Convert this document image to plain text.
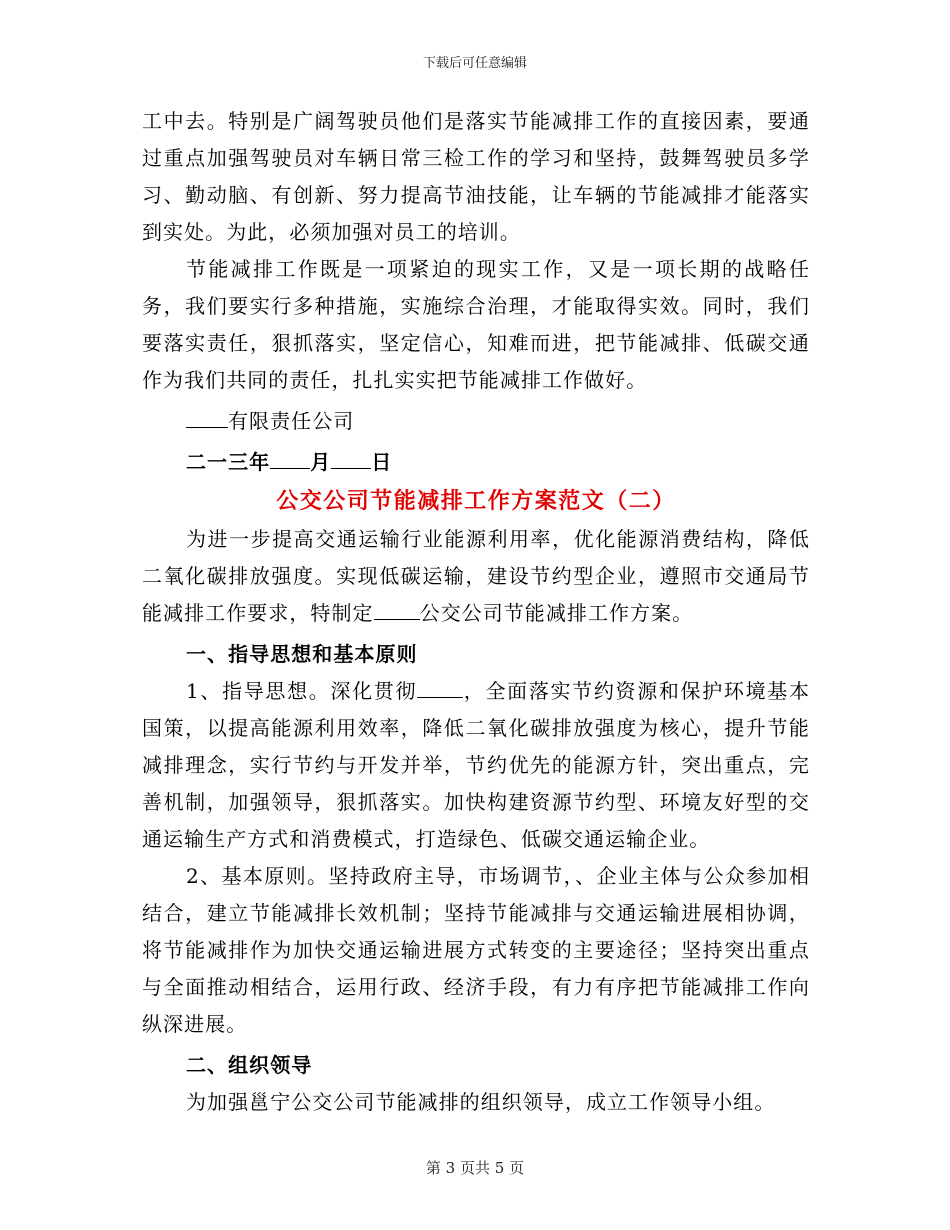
下载后可任意编辑

工中去。特别是广阔驾驶员他们是落实节能减排工作的直接因素，要通过重点加强驾驶员对车辆日常三检工作的学习和坚持，鼓舞驾驶员多学习、勤动脑、有创新、努力提高节油技能，让车辆的节能减排才能落实到实处。为此，必须加强对员工的培训。

节能减排工作既是一项紧迫的现实工作，又是一项长期的战略任务，我们要实行多种措施，实施综合治理，才能取得实效。同时，我们要落实责任，狠抓落实，坚定信心，知难而进，把节能减排、低碳交通作为我们共同的责任，扎扎实实把节能减排工作做好。

有限责任公司

二一三年 月 日

公交公司节能减排工作方案范文（二）

为进一步提高交通运输行业能源利用率，优化能源消费结构，降低二氧化碳排放强度。实现低碳运输，建设节约型企业，遵照市交通局节能减排工作要求，特制定 公交公司节能减排工作方案。

一、指导思想和基本原则

1、指导思想。深化贯彻 ，全面落实节约资源和保护环境基本国策，以提高能源利用效率，降低二氧化碳排放强度为核心，提升节能减排理念，实行节约与开发并举，节约优先的能源方针，突出重点，完善机制，加强领导，狠抓落实。加快构建资源节约型、环境友好型的交通运输生产方式和消费模式，打造绿色、低碳交通运输企业。

2、基本原则。坚持政府主导，市场调节，、企业主体与公众参加相结合，建立节能减排长效机制；坚持节能减排与交通运输进展相协调，将节能减排作为加快交通运输进展方式转变的主要途径；坚持突出重点与全面推动相结合，运用行政、经济手段，有力有序把节能减排工作向纵深进展。

二、组织领导

为加强邕宁公交公司节能减排的组织领导，成立工作领导小组。

第 3 页共 5 页
